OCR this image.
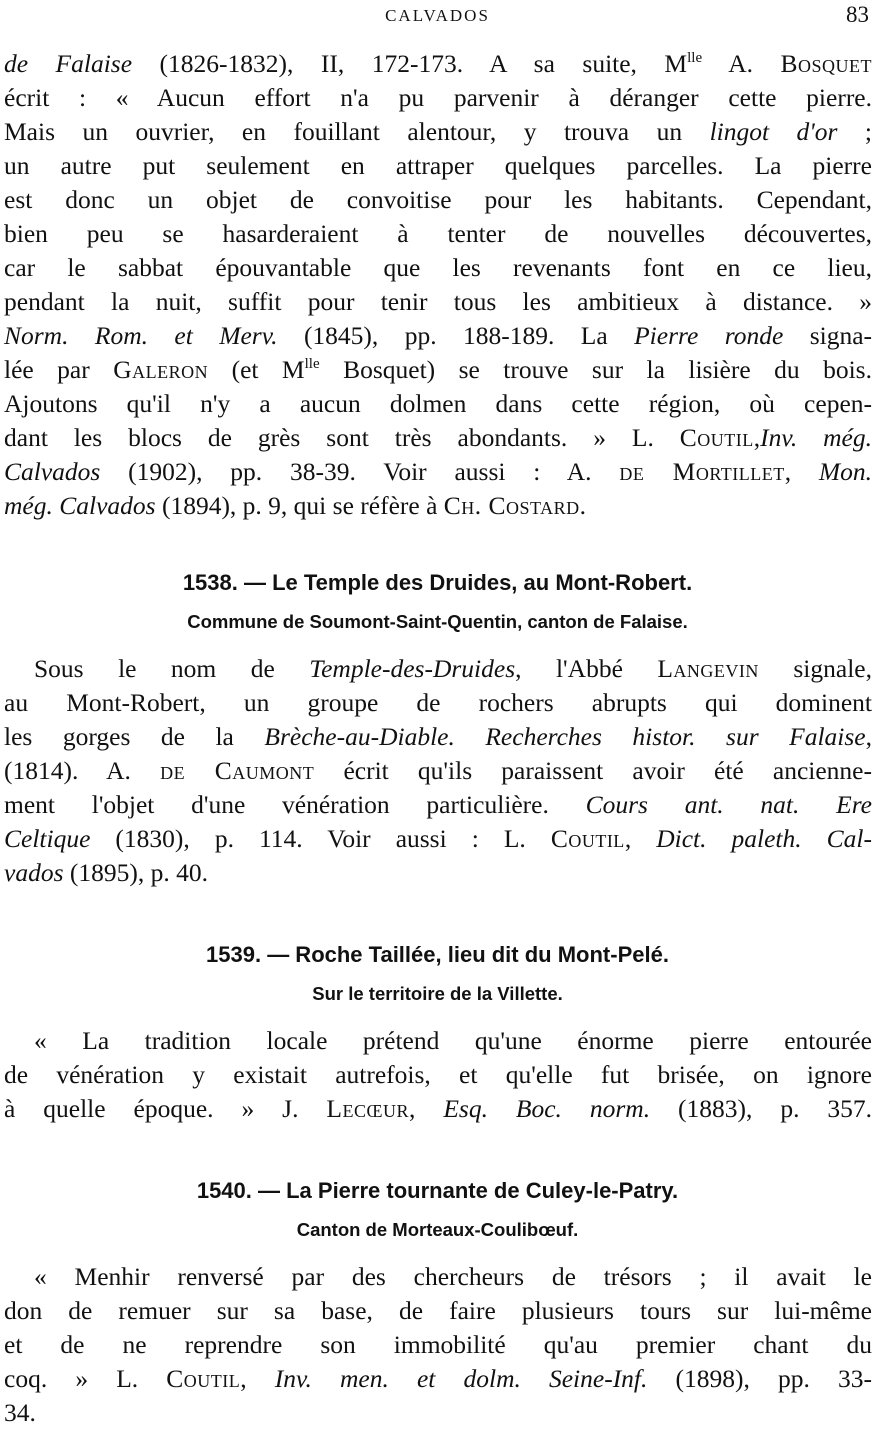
CALVADOS	83
de Falaise (1826-1832), II, 172-173. A sa suite, $M^{lle}$ A. Bosquet
écrit : « Aucun effort n'a pu parvenir à déranger cette pierre.
Mais un ouvrier, en fouillant alentour, y trouva un lingot d'or ;
un autre put seulement en attraper quelques parcelles. La pierre
est donc un objet de convoitise pour les habitants. Cependant,
bien peu se hasarderaient à tenter de nouvelles découvertes,
car le sabbat épouvantable que les revenants font en ce lieu,
pendant la nuit, suffit pour tenir tous les ambitieux à distance. »
Norm. Rom. et Merv. (1845), pp. 188-189. La Pierre ronde signa-
lée par Galeron (et $M^{lle}$ Bosquet) se trouve sur la lisière du bois.
Ajoutons qu'il n'y a aucun dolmen dans cette région, où cepen-
dant les blocs de grès sont très abondants. » L. Coutil,Inv. még.
Calvados (1902), pp. 38-39. Voir aussi : A. de Mortillet, Mon.
még. Calvados (1894), p. 9, qui se réfère à Ch. Costard.
1538. — Le Temple des Druides, au Mont-Robert.
Commune de Soumont-Saint-Quentin, canton de Falaise.
Sous le nom de Temple-des-Druides, l'Abbé Langevin signale,
au Mont-Robert, un groupe de rochers abrupts qui dominent
les gorges de la Brèche-au-Diable. Recherches histor. sur Falaise,
(1814). A. de Caumont écrit qu'ils paraissent avoir été ancienne-
ment l'objet d'une vénération particulière. Cours ant. nat. Ere
Celtique (1830), p. 114. Voir aussi : L. Coutil, Dict. paleth. Cal-
vados (1895), p. 40.
1539. — Roche Taillée, lieu dit du Mont-Pelé.
Sur le territoire de la Villette.
« La tradition locale prétend qu'une énorme pierre entourée
de vénération y existait autrefois, et qu'elle fut brisée, on ignore
à quelle époque. » J. Lecœur, Esq. Boc. norm. (1883), p. 357.
1540. — La Pierre tournante de Culey-le-Patry.
Canton de Morteaux-Coulibœuf.
« Menhir renversé par des chercheurs de trésors ; il avait le
don de remuer sur sa base, de faire plusieurs tours sur lui-même
et de ne reprendre son immobilité qu'au premier chant du
coq. » L. Coutil, Inv. men. et dolm. Seine-Inf. (1898), pp. 33-
34.
